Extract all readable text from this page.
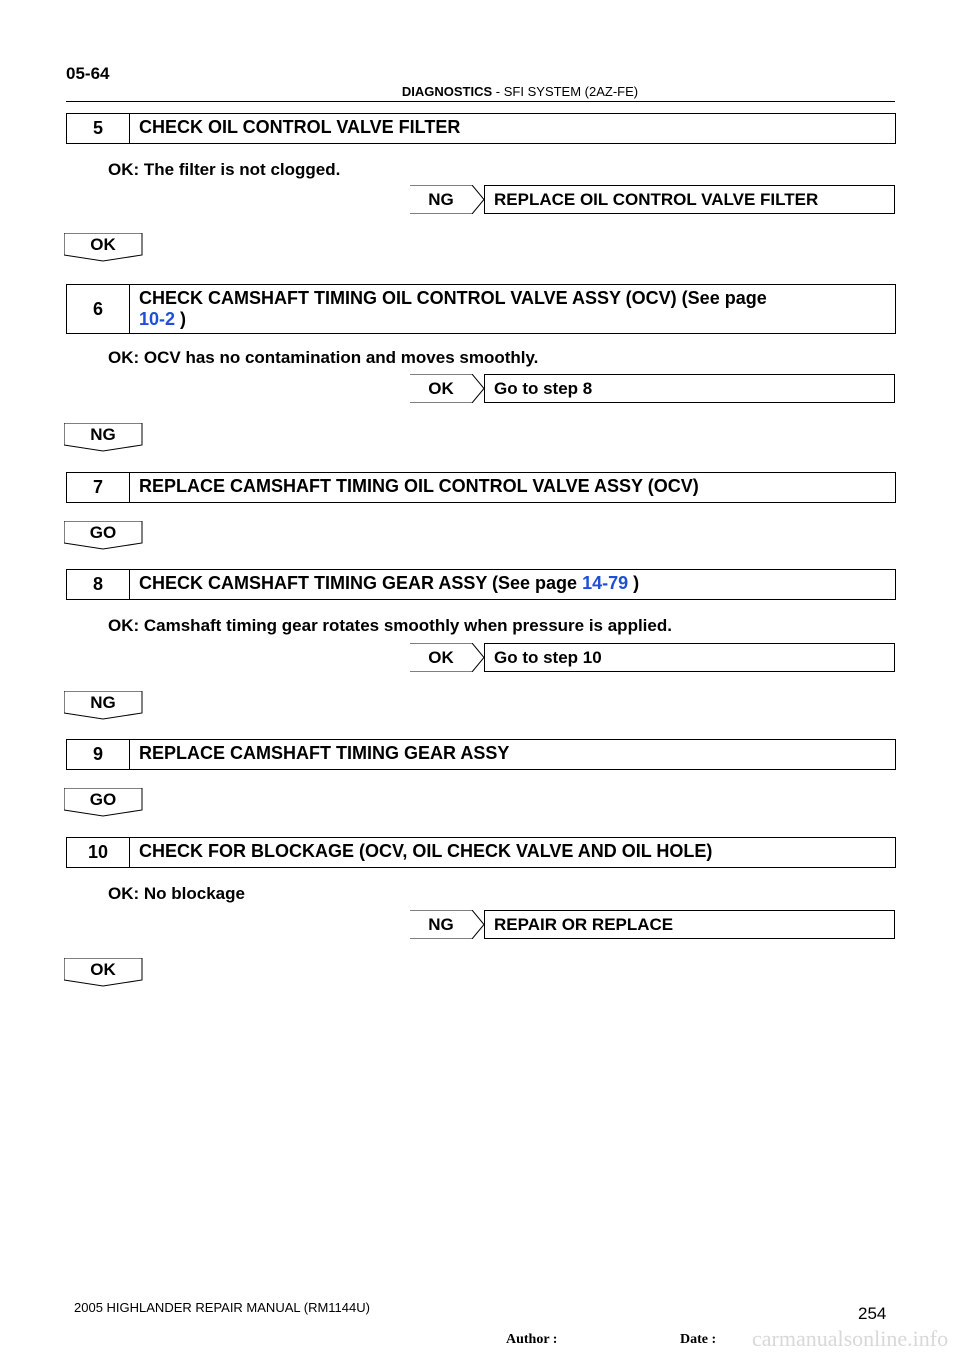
05-64
DIAGNOSTICS - SFI SYSTEM (2AZ-FE)
5	CHECK OIL CONTROL VALVE FILTER
OK: The filter is not clogged.
NG	REPLACE OIL CONTROL VALVE FILTER
OK
6
CHECK CAMSHAFT TIMING OIL CONTROL VALVE ASSY (OCV) (See page
10-2 )
OK: OCV has no contamination and moves smoothly.
OK	Go to step 8
NG
7	REPLACE CAMSHAFT TIMING OIL CONTROL VALVE ASSY (OCV)
GO
8	CHECK CAMSHAFT TIMING GEAR ASSY (See page 14-79 )
OK: Camshaft timing gear rotates smoothly when pressure is applied.
OK	Go to step 10
NG
9	REPLACE CAMSHAFT TIMING GEAR ASSY
GO
10	CHECK FOR BLOCKAGE (OCV, OIL CHECK VALVE AND OIL HOLE)
OK: No blockage
NG	REPAIR OR REPLACE
OK
2005 HIGHLANDER REPAIR MANUAL (RM1144U)	254
Author :	Date : carmanualsonline.info
